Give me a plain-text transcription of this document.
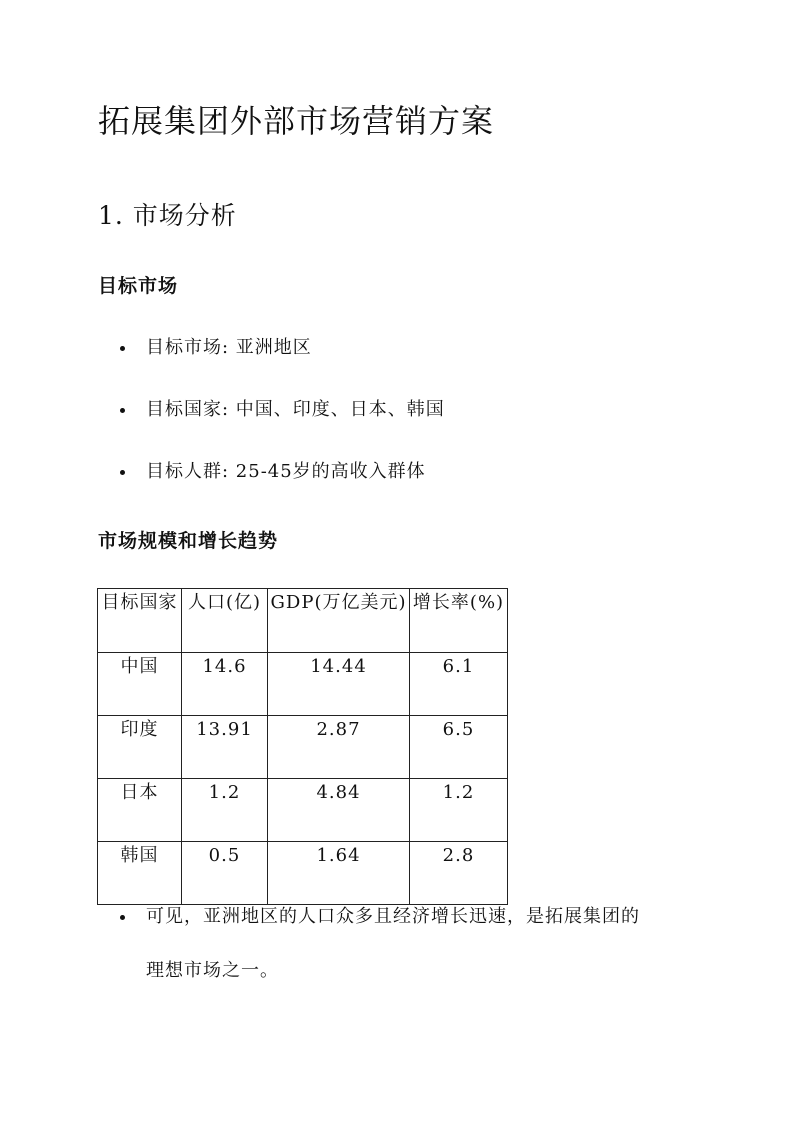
拓展集团外部市场营销方案
1. 市场分析
目标市场
目标市场: 亚洲地区
目标国家: 中国、印度、日本、韩国
目标人群: 25-45岁的高收入群体
市场规模和增长趋势
目标国家	人口(亿)	GDP(万亿美元)	增长率(%)

中国	14.6	14.44	6.1
印度	13.91	2.87	6.5
日本	1.2	4.84	1.2
韩国	0.5	1.64	2.8
可见，亚洲地区的人口众多且经济增长迅速，是拓展集团的
理想市场之一。
